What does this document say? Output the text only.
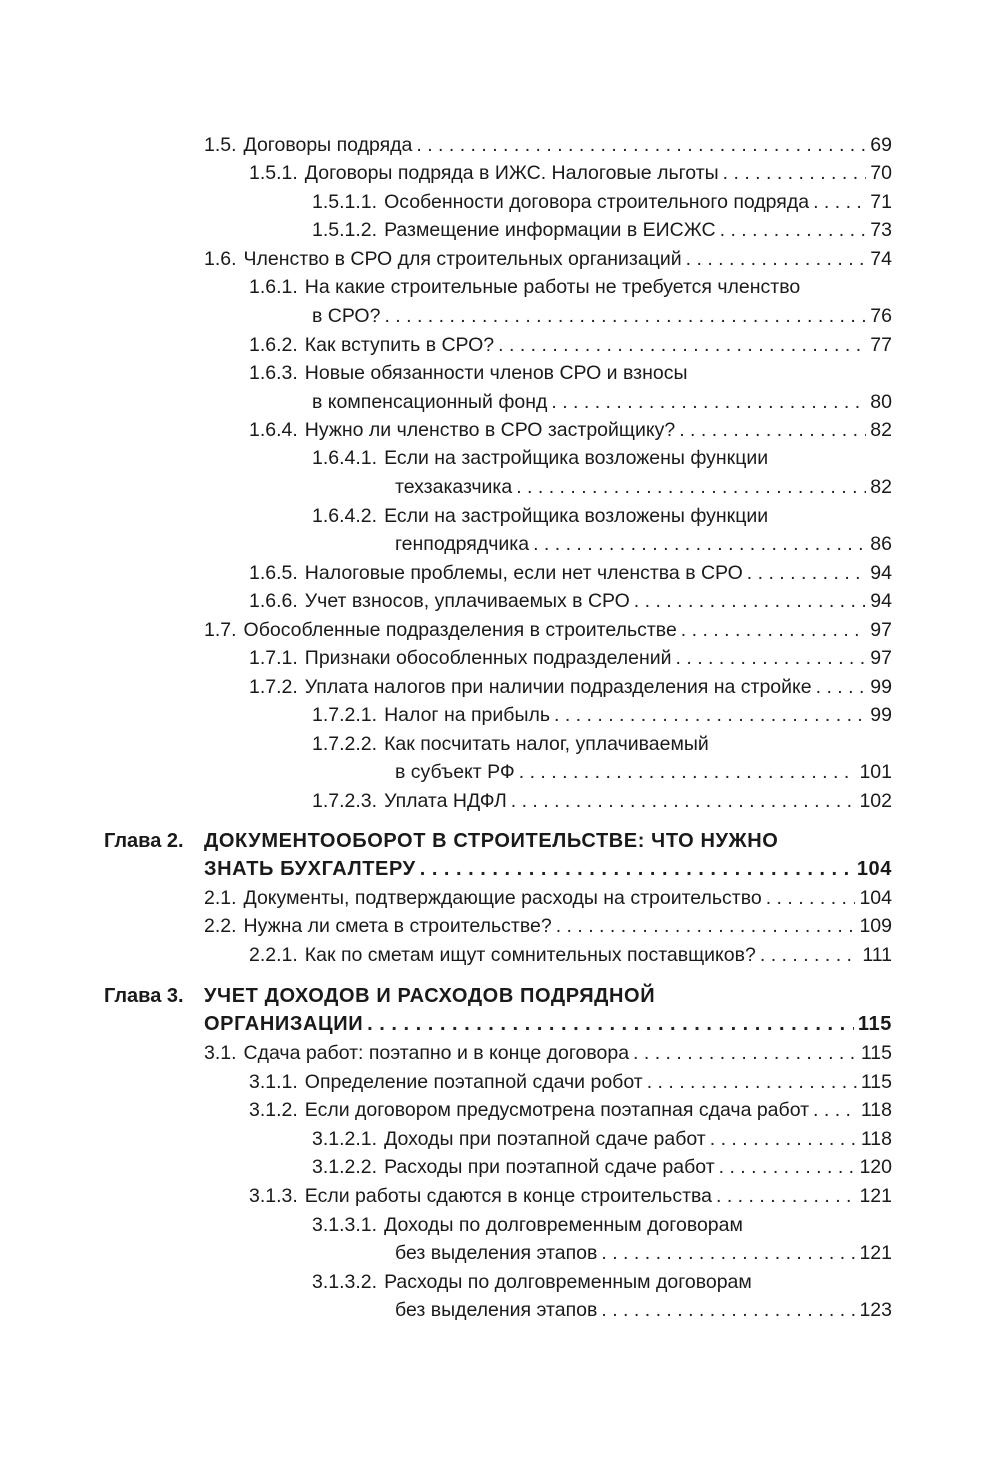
1.5. Договоры подряда . . .	69
1.5.1. Договоры подряда в ИЖС. Налоговые льготы . . .	70
1.5.1.1. Особенности договора строительного подряда . . .	71
1.5.1.2. Размещение информации в ЕИСЖС . . .	73
1.6. Членство в СРО для строительных организаций . . .	74
1.6.1. На какие строительные работы не требуется членство
в СРО? . . .	76
1.6.2. Как вступить в СРО? . . .	77
1.6.3. Новые обязанности членов СРО и взносы
в компенсационный фонд . . .	80
1.6.4. Нужно ли членство в СРО застройщику? . . .	82
1.6.4.1. Если на застройщика возложены функции
техзаказчика . . .	82
1.6.4.2. Если на застройщика возложены функции
генподрядчика . . .	86
1.6.5. Налоговые проблемы, если нет членства в СРО . . .	94
1.6.6. Учет взносов, уплачиваемых в СРО . . .	94
1.7. Обособленные подразделения в строительстве . . .	97
1.7.1. Признаки обособленных подразделений . . .	97
1.7.2. Уплата налогов при наличии подразделения на стройке . . .	99
1.7.2.1. Налог на прибыль . . .	99
1.7.2.2. Как посчитать налог, уплачиваемый
в субъект РФ . . .	101
1.7.2.3. Уплата НДФЛ . . .	102
Глава 2. ДОКУМЕНТООБОРОТ В СТРОИТЕЛЬСТВЕ: ЧТО НУЖНО
ЗНАТЬ БУХГАЛТЕРУ . . .	104
2.1. Документы, подтверждающие расходы на строительство . . .	104
2.2. Нужна ли смета в строительстве? . . .	109
2.2.1. Как по сметам ищут сомнительных поставщиков? . . .	111
Глава 3. УЧЕТ ДОХОДОВ И РАСХОДОВ ПОДРЯДНОЙ
ОРГАНИЗАЦИИ . . .	115
3.1. Сдача работ: поэтапно и в конце договора . . .	115
3.1.1. Определение поэтапной сдачи робот . . .	115
3.1.2. Если договором предусмотрена поэтапная сдача работ . . .	118
3.1.2.1. Доходы при поэтапной сдаче работ . . .	118
3.1.2.2. Расходы при поэтапной сдаче работ . . .	120
3.1.3. Если работы сдаются в конце строительства . . .	121
3.1.3.1. Доходы по долговременным договорам
без выделения этапов . . .	121
3.1.3.2. Расходы по долговременным договорам
без выделения этапов . . .	123
